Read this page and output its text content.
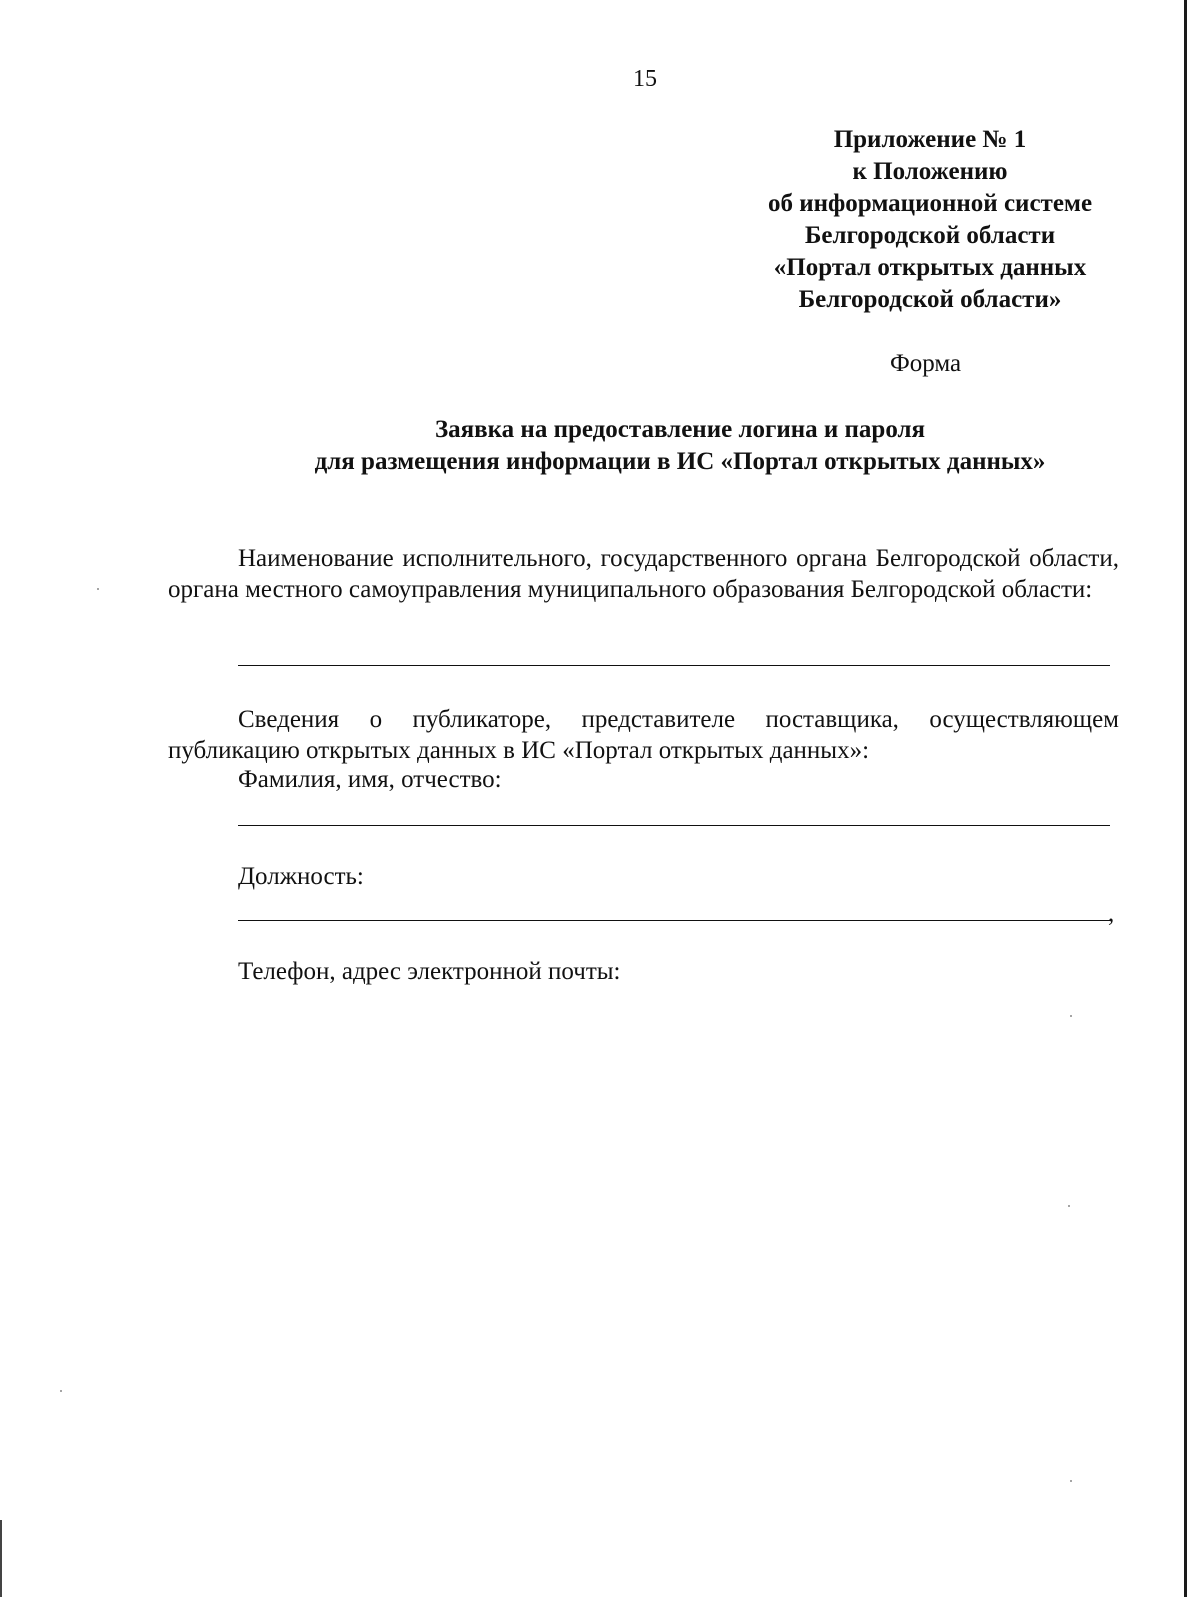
15
Приложение № 1
к Положению
об информационной системе
Белгородской области
«Портал открытых данных
Белгородской области»
Форма
Заявка на предоставление логина и пароля
для размещения информации в ИС «Портал открытых данных»
Наименование исполнительного, государственного органа Белгородской области, органа местного самоуправления муниципального образования Белгородской области:
Сведения о публикаторе, представителе поставщика, осуществляющем публикацию открытых данных в ИС «Портал открытых данных»:
Фамилия, имя, отчество:
Должность:
,
Телефон, адрес электронной почты:
